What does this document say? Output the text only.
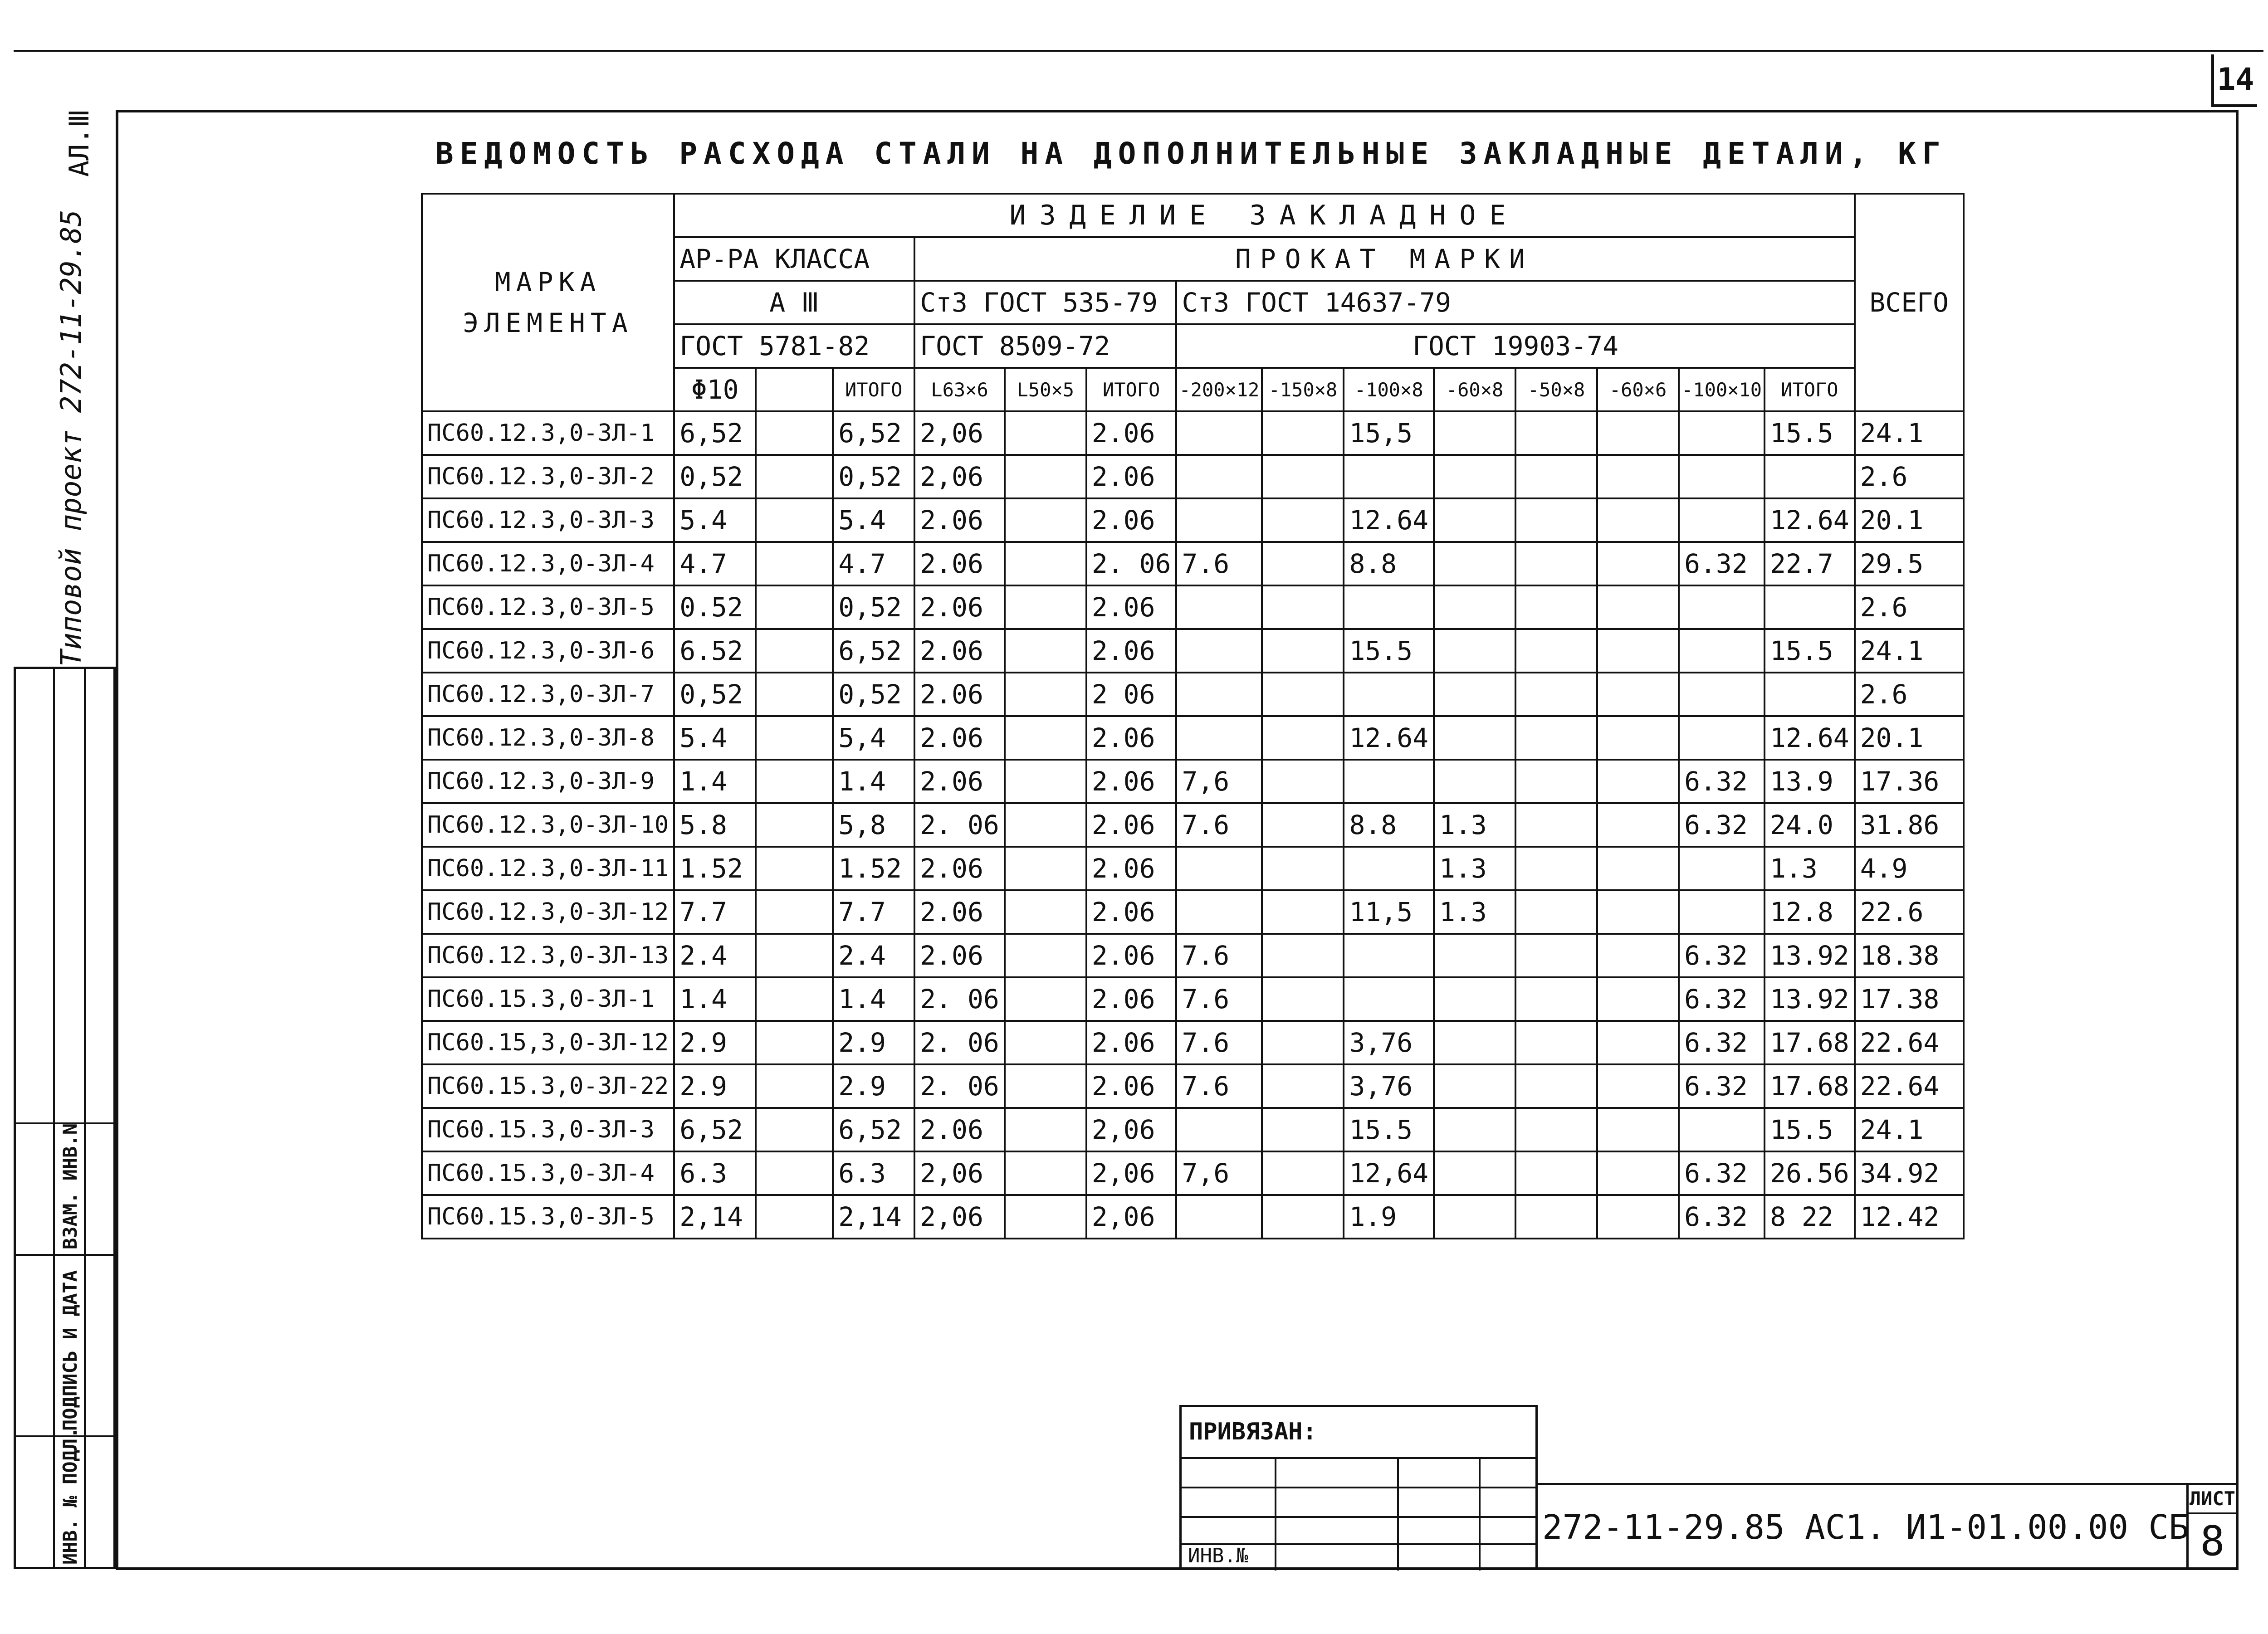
14
ВЕДОМОСТЬ РАСХОДА СТАЛИ НА ДОПОЛНИТЕЛЬНЫЕ ЗАКЛАДНЫЕ ДЕТАЛИ, КГ
МАРКА ЭЛЕМЕНТА	ИЗДЕЛИЕ ЗАКЛАДНОЕ														ВСЕГО
	АР-РА КЛАССА			ПРОКАТ МАРКИ											
	А Ⅲ			Ст3 ГОСТ 535-79			Ст3 ГОСТ 14637-79								
	ГОСТ 5781-82			ГОСТ 8509-72			ГОСТ 19903-74								
	Φ10		ИТОГО	L63×6	L50×5	ИТОГО	-200×12	-150×8	-100×8	-60×8	-50×8	-60×6	-100×10	ИТОГО	
ПС60.12.3,0-3Л-1	6,52		6,52	2,06		2.06			15,5					15.5	24.1
ПС60.12.3,0-3Л-2	0,52		0,52	2,06		2.06									2.6
ПС60.12.3,0-3Л-3	5.4		5.4	2.06		2.06			12.64					12.64	20.1
ПС60.12.3,0-3Л-4	4.7		4.7	2.06		2. 06	7.6		8.8				6.32	22.7	29.5
ПС60.12.3,0-3Л-5	0.52		0,52	2.06		2.06									2.6
ПС60.12.3,0-3Л-6	6.52		6,52	2.06		2.06			15.5					15.5	24.1
ПС60.12.3,0-3Л-7	0,52		0,52	2.06		2 06									2.6
ПС60.12.3,0-3Л-8	5.4		5,4	2.06		2.06			12.64					12.64	20.1
ПС60.12.3,0-3Л-9	1.4		1.4	2.06		2.06	7,6						6.32	13.9	17.36
ПС60.12.3,0-3Л-10	5.8		5,8	2. 06		2.06	7.6		8.8	1.3			6.32	24.0	31.86
ПС60.12.3,0-3Л-11	1.52		1.52	2.06		2.06				1.3				1.3	4.9
ПС60.12.3,0-3Л-12	7.7		7.7	2.06		2.06			11,5	1.3				12.8	22.6
ПС60.12.3,0-3Л-13	2.4		2.4	2.06		2.06	7.6						6.32	13.92	18.38
ПС60.15.3,0-3Л-1	1.4		1.4	2. 06		2.06	7.6						6.32	13.92	17.38
ПС60.15,3,0-3Л-12	2.9		2.9	2. 06		2.06	7.6		3,76				6.32	17.68	22.64
ПС60.15.3,0-3Л-22	2.9		2.9	2. 06		2.06	7.6		3,76				6.32	17.68	22.64
ПС60.15.3,0-3Л-3	6,52		6,52	2.06		2,06			15.5					15.5	24.1
ПС60.15.3,0-3Л-4	6.3		6.3	2,06		2,06	7,6		12,64				6.32	26.56	34.92
ПС60.15.3,0-3Л-5	2,14		2,14	2,06		2,06			1.9				6.32	8 22	12.42
АЛ.Ⅲ
Типовой проект 272-11-29.85
ВЗАМ. ИНВ.N
ПОДПИСЬ И ДАТА
ИНВ. № ПОДЛ.	ПРИВЯЗАН:
ИНВ.№
272-11-29.85 АС1. И1-01.00.00 СБ
ЛИСТ
8
